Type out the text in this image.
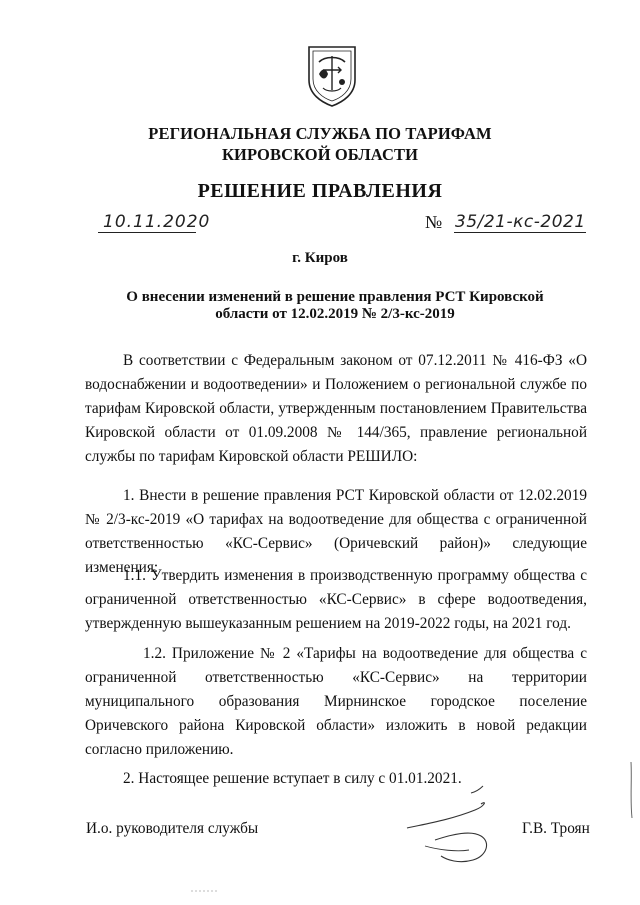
РЕГИОНАЛЬНАЯ СЛУЖБА ПО ТАРИФАМ
КИРОВСКОЙ ОБЛАСТИ
РЕШЕНИЕ ПРАВЛЕНИЯ
10.11.2020	№ 35/21-кс-2021
г. Киров
О внесении изменений в решение правления РСТ Кировской области от 12.02.2019 № 2/3-кс-2019
В соответствии с Федеральным законом от 07.12.2011 № 416-ФЗ «О водоснабжении и водоотведении» и Положением о региональной службе по тарифам Кировской области, утвержденным постановлением Правительства Кировской области от 01.09.2008 № 144/365, правление региональной службы по тарифам Кировской области РЕШИЛО:
1. Внести в решение правления РСТ Кировской области от 12.02.2019 № 2/3-кс-2019 «О тарифах на водоотведение для общества с ограниченной ответственностью «КС-Сервис» (Оричевский район)» следующие изменения:
1.1. Утвердить изменения в производственную программу общества с ограниченной ответственностью «КС-Сервис» в сфере водоотведения, утвержденную вышеуказанным решением на 2019-2022 годы, на 2021 год.
1.2. Приложение № 2 «Тарифы на водоотведение для общества с ограниченной ответственностью «КС-Сервис» на территории муниципального образования Мирнинское городское поселение Оричевского района Кировской области» изложить в новой редакции согласно приложению.
2. Настоящее решение вступает в силу с 01.01.2021.
И.о. руководителя службы	Г.В. Троян
